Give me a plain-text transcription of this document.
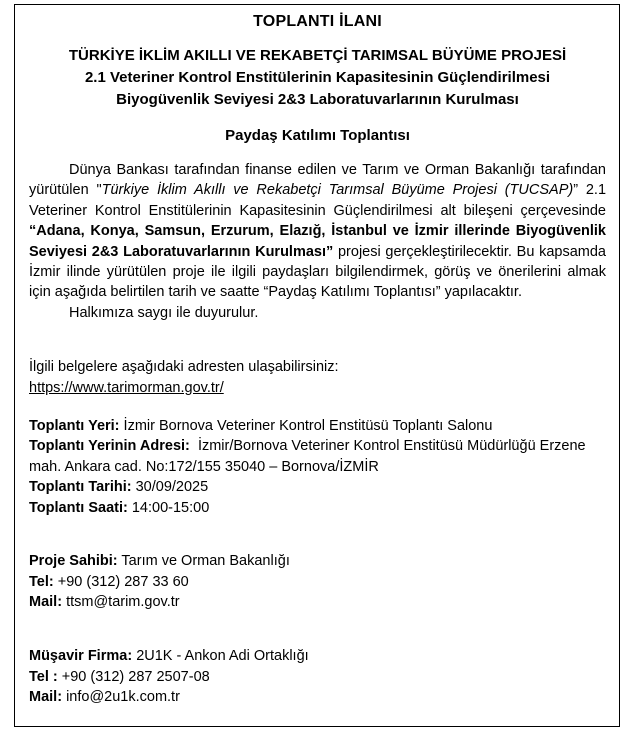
TOPLANTI İLANI
TÜRKİYE İKLİM AKILLI VE REKABETÇİ TARIMSAL BÜYÜME PROJESİ
2.1 Veteriner Kontrol Enstitülerinin Kapasitesinin Güçlendirilmesi
Biyogüvenlik Seviyesi 2&3 Laboratuvarlarının Kurulması
Paydaş Katılımı Toplantısı

Dünya Bankası tarafından finanse edilen ve Tarım ve Orman Bakanlığı tarafından yürütülen "Türkiye İklim Akıllı ve Rekabetçi Tarımsal Büyüme Projesi (TUCSAP)” 2.1 Veteriner Kontrol Enstitülerinin Kapasitesinin Güçlendirilmesi alt bileşeni çerçevesinde “Adana, Konya, Samsun, Erzurum, Elazığ, İstanbul ve İzmir illerinde Biyogüvenlik Seviyesi 2&3 Laboratuvarlarının Kurulması” projesi gerçekleştirilecektir. Bu kapsamda İzmir ilinde yürütülen proje ile ilgili paydaşları bilgilendirmek, görüş ve önerilerini almak için aşağıda belirtilen tarih ve saatte “Paydaş Katılımı Toplantısı” yapılacaktır.

Halkımıza saygı ile duyurulur.

İlgili belgelere aşağıdaki adresten ulaşabilirsiniz:

https://www.tarimorman.gov.tr/

Toplantı Yeri: İzmir Bornova Veteriner Kontrol Enstitüsü Toplantı Salonu

Toplantı Yerinin Adresi: İzmir/Bornova Veteriner Kontrol Enstitüsü Müdürlüğü Erzene mah. Ankara cad. No:172/155 35040 – Bornova/İZMİR

Toplantı Tarihi: 30/09/2025

Toplantı Saati: 14:00-15:00

Proje Sahibi: Tarım ve Orman Bakanlığı

Tel: +90 (312) 287 33 60

Mail: ttsm@tarim.gov.tr

Müşavir Firma: 2U1K - Ankon Adi Ortaklığı

Tel : +90 (312) 287 2507-08

Mail: info@2u1k.com.tr
